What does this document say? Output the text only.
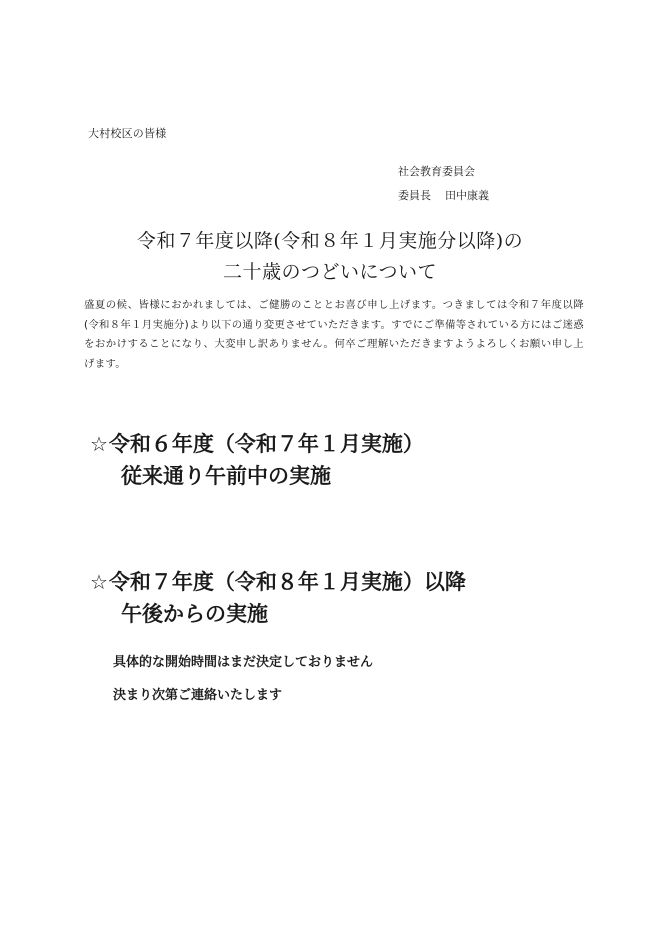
大村校区の皆様
社会教育委員会
委員長 田中康義
令和７年度以降(令和８年１月実施分以降)の
二十歳のつどいについて
盛夏の候、皆様におかれましては、ご健勝のこととお喜び申し上げます。つきましては令和７年度以降(令和８年１月実施分)より以下の通り変更させていただきます。すでにご準備等されている方にはご迷惑をおかけすることになり、大変申し訳ありません。何卒ご理解いただきますようよろしくお願い申し上げます。
☆令和６年度（令和７年１月実施）
従来通り午前中の実施
☆令和７年度（令和８年１月実施）以降
午後からの実施
具体的な開始時間はまだ決定しておりません
決まり次第ご連絡いたします
